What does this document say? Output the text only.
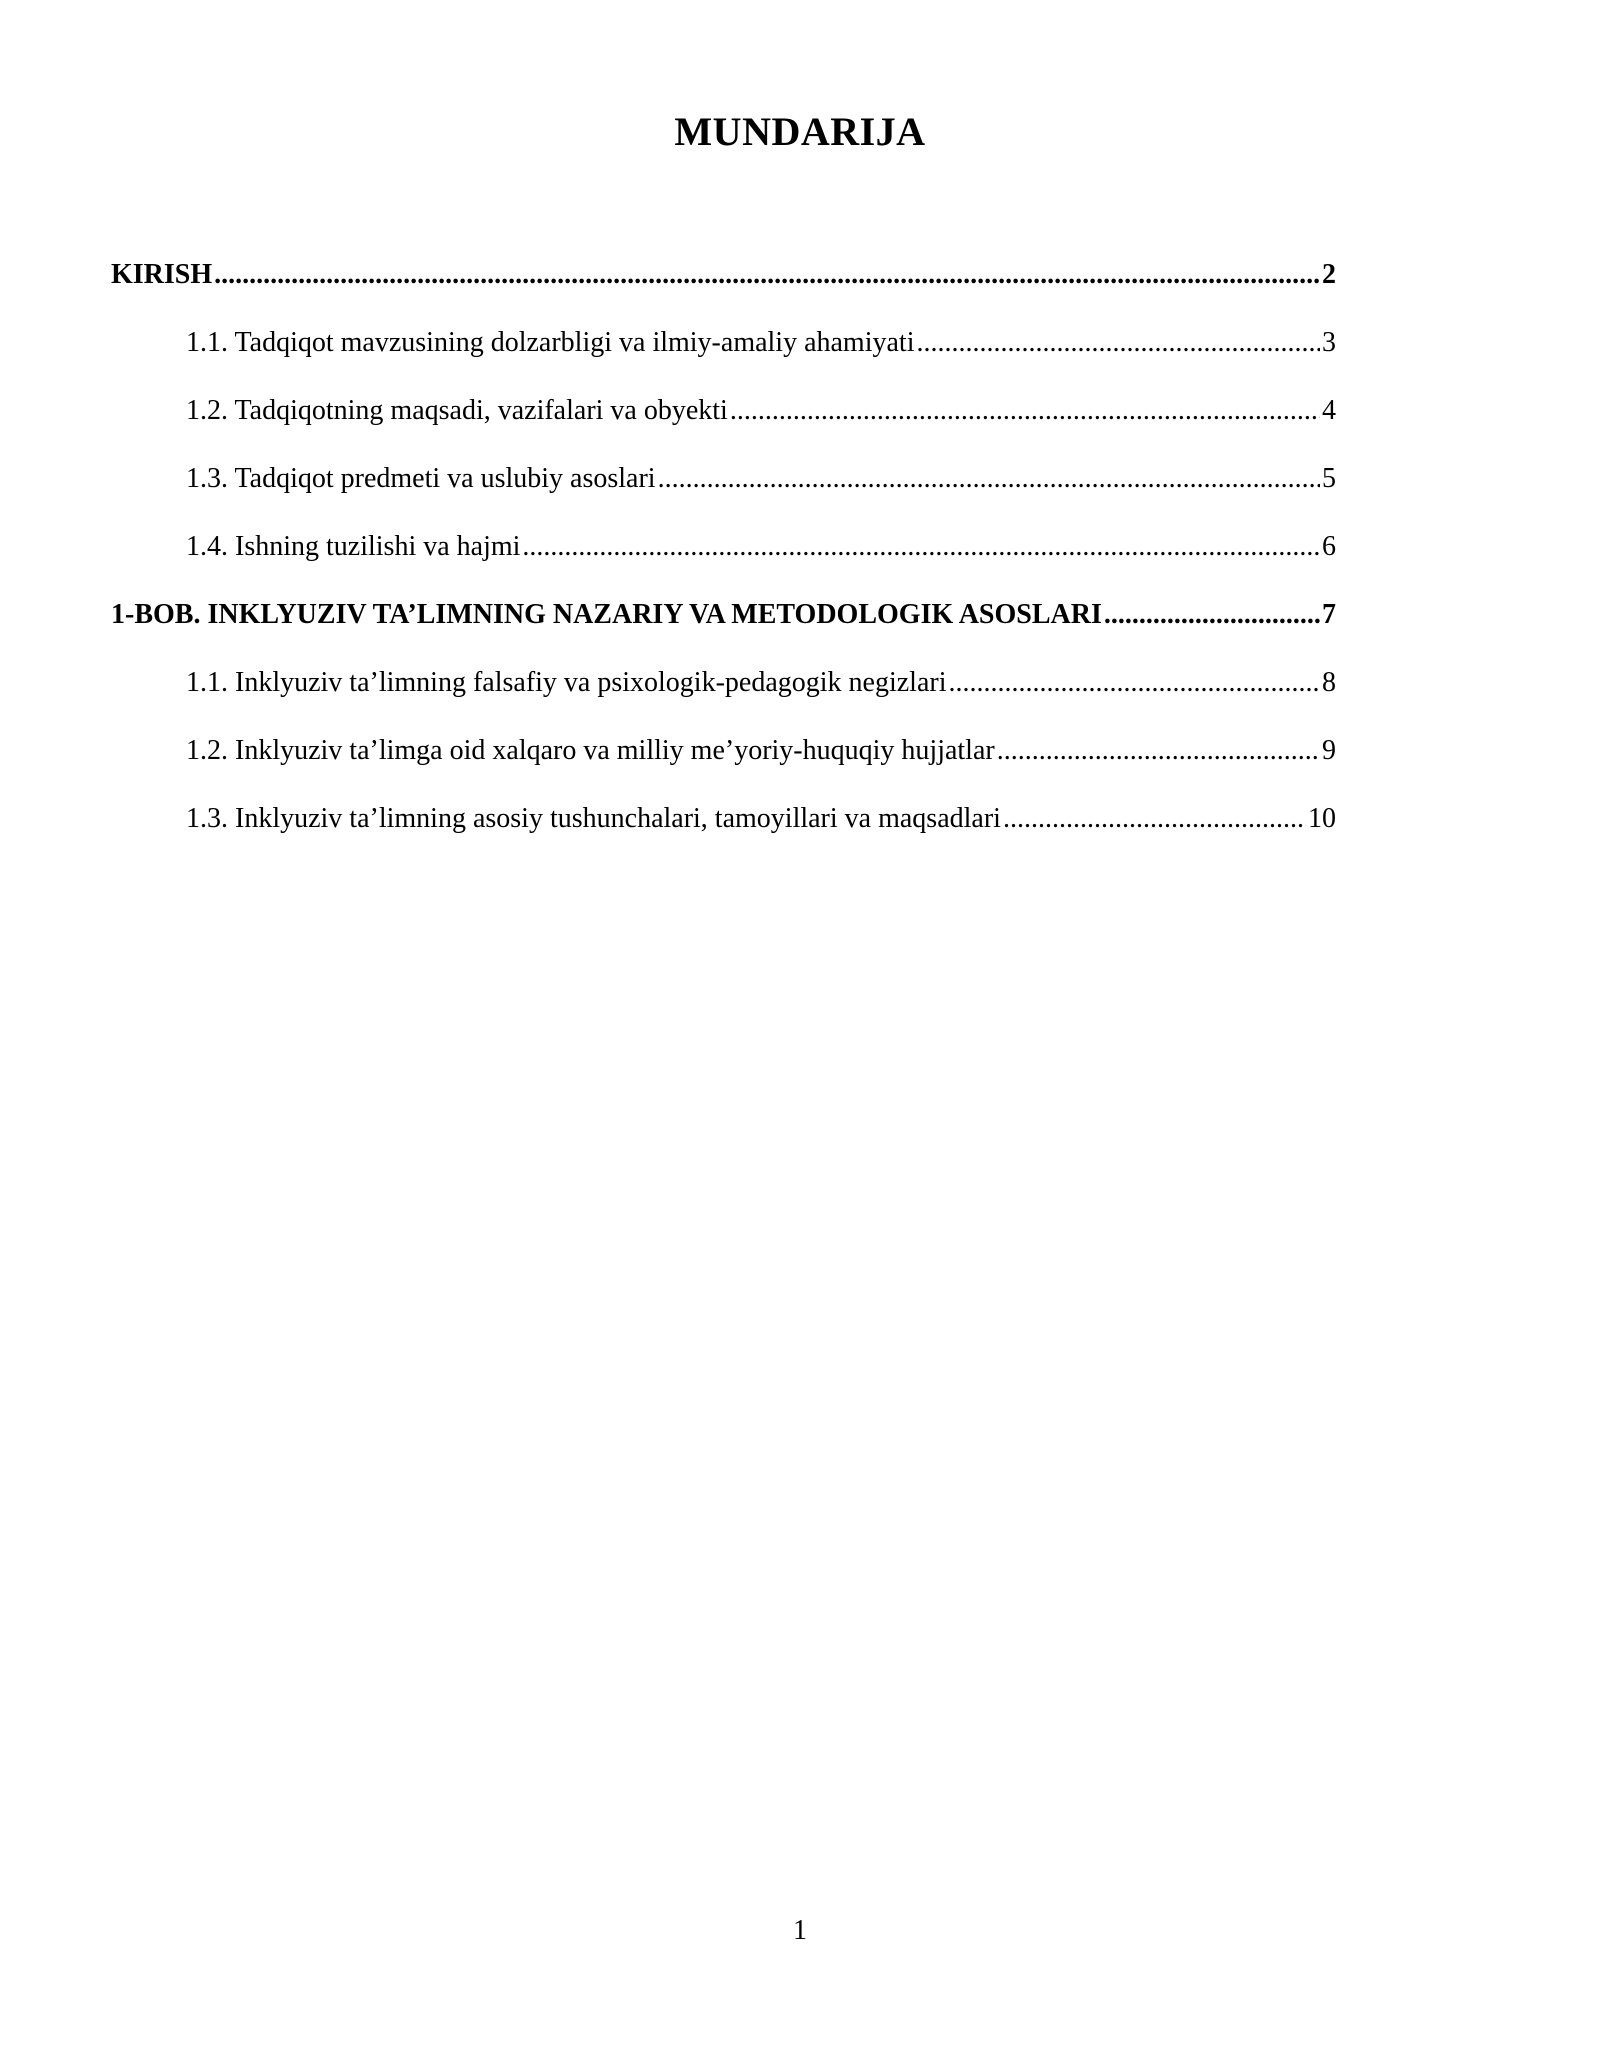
MUNDARIJA
KIRISH .....	2
1.1. Tadqiqot mavzusining dolzarbligi va ilmiy-amaliy ahamiyati .....	3
1.2. Tadqiqotning maqsadi, vazifalari va obyekti .....	4
1.3. Tadqiqot predmeti va uslubiy asoslari .....	5
1.4. Ishning tuzilishi va hajmi .....	6
1-BOB. INKLYUZIV TA’LIMNING NAZARIY VA METODOLOGIK ASOSLARI .....	7
1.1. Inklyuziv ta’limning falsafiy va psixologik-pedagogik negizlari .....	8
1.2. Inklyuziv ta’limga oid xalqaro va milliy me’yoriy-huquqiy hujjatlar .....	9
1.3. Inklyuziv ta’limning asosiy tushunchalari, tamoyillari va maqsadlari .....	10
1
